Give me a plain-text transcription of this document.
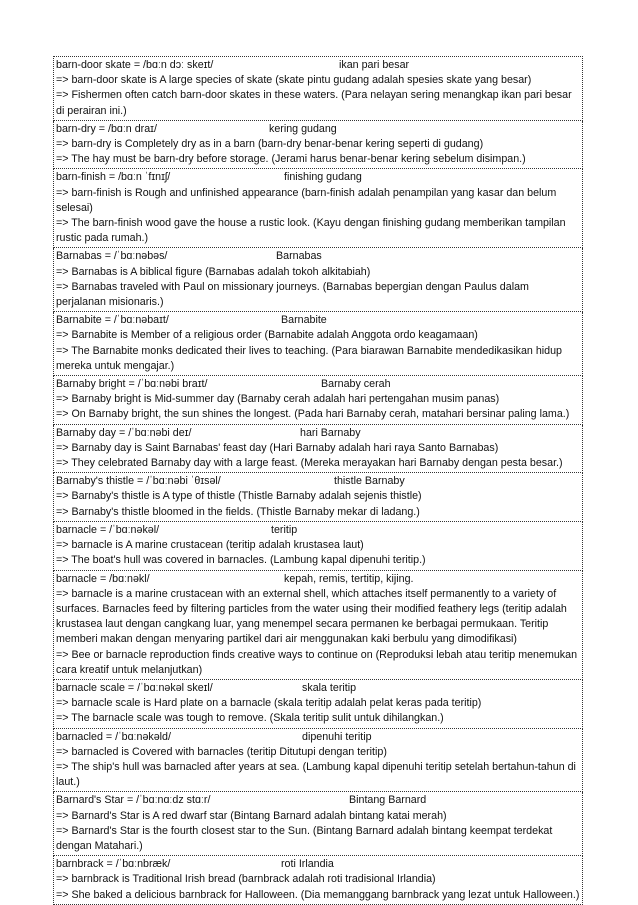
barn-door skate = /bɑːn dɔː skeɪt/	ikan pari besar
=> barn-door skate is A large species of skate (skate pintu gudang adalah spesies skate yang besar)
=> Fishermen often catch barn-door skates in these waters. (Para nelayan sering menangkap ikan pari besar di perairan ini.)
barn-dry = /bɑːn draɪ/	kering gudang
=> barn-dry is Completely dry as in a barn (barn-dry benar-benar kering seperti di gudang)
=> The hay must be barn-dry before storage. (Jerami harus benar-benar kering sebelum disimpan.)
barn-finish = /bɑːn ˈfɪnɪʃ/	finishing gudang
=> barn-finish is Rough and unfinished appearance (barn-finish adalah penampilan yang kasar dan belum selesai)
=> The barn-finish wood gave the house a rustic look. (Kayu dengan finishing gudang memberikan tampilan rustic pada rumah.)
Barnabas = /ˈbɑːnəbəs/	Barnabas
=> Barnabas is A biblical figure (Barnabas adalah tokoh alkitabiah)
=> Barnabas traveled with Paul on missionary journeys. (Barnabas bepergian dengan Paulus dalam perjalanan misionaris.)
Barnabite = /ˈbɑːnəbaɪt/	Barnabite
=> Barnabite is Member of a religious order (Barnabite adalah Anggota ordo keagamaan)
=> The Barnabite monks dedicated their lives to teaching. (Para biarawan Barnabite mendedikasikan hidup mereka untuk mengajar.)
Barnaby bright = /ˈbɑːnəbi braɪt/	Barnaby cerah
=> Barnaby bright is Mid-summer day (Barnaby cerah adalah hari pertengahan musim panas)
=> On Barnaby bright, the sun shines the longest. (Pada hari Barnaby cerah, matahari bersinar paling lama.)
Barnaby day = /ˈbɑːnəbi deɪ/	hari Barnaby
=> Barnaby day is Saint Barnabas' feast day (Hari Barnaby adalah hari raya Santo Barnabas)
=> They celebrated Barnaby day with a large feast. (Mereka merayakan hari Barnaby dengan pesta besar.)
Barnaby's thistle = /ˈbɑːnəbi ˈθɪsəl/	thistle Barnaby
=> Barnaby's thistle is A type of thistle (Thistle Barnaby adalah sejenis thistle)
=> Barnaby's thistle bloomed in the fields. (Thistle Barnaby mekar di ladang.)
barnacle = /ˈbɑːnəkəl/	teritip
=> barnacle is A marine crustacean (teritip adalah krustasea laut)
=> The boat's hull was covered in barnacles. (Lambung kapal dipenuhi teritip.)
barnacle = /bɑːnəkl/	kepah, remis, tertitip, kijing.
=> barnacle is a marine crustacean with an external shell, which attaches itself permanently to a variety of surfaces. Barnacles feed by filtering particles from the water using their modified feathery legs (teritip adalah krustasea laut dengan cangkang luar, yang menempel secara permanen ke berbagai permukaan. Teritip memberi makan dengan menyaring partikel dari air menggunakan kaki berbulu yang dimodifikasi)
=> Bee or barnacle reproduction finds creative ways to continue on (Reproduksi lebah atau teritip menemukan cara kreatif untuk melanjutkan)
barnacle scale = /ˈbɑːnəkəl skeɪl/	skala teritip
=> barnacle scale is Hard plate on a barnacle (skala teritip adalah pelat keras pada teritip)
=> The barnacle scale was tough to remove. (Skala teritip sulit untuk dihilangkan.)
barnacled = /ˈbɑːnəkəld/	dipenuhi teritip
=> barnacled is Covered with barnacles (teritip Ditutupi dengan teritip)
=> The ship's hull was barnacled after years at sea. (Lambung kapal dipenuhi teritip setelah bertahun-tahun di laut.)
Barnard's Star = /ˈbɑːnɑːdz stɑːr/	Bintang Barnard
=> Barnard's Star is A red dwarf star (Bintang Barnard adalah bintang katai merah)
=> Barnard's Star is the fourth closest star to the Sun. (Bintang Barnard adalah bintang keempat terdekat dengan Matahari.)
barnbrack = /ˈbɑːnbræk/	roti Irlandia
=> barnbrack is Traditional Irish bread (barnbrack adalah roti tradisional Irlandia)
=> She baked a delicious barnbrack for Halloween. (Dia memanggang barnbrack yang lezat untuk Halloween.)
